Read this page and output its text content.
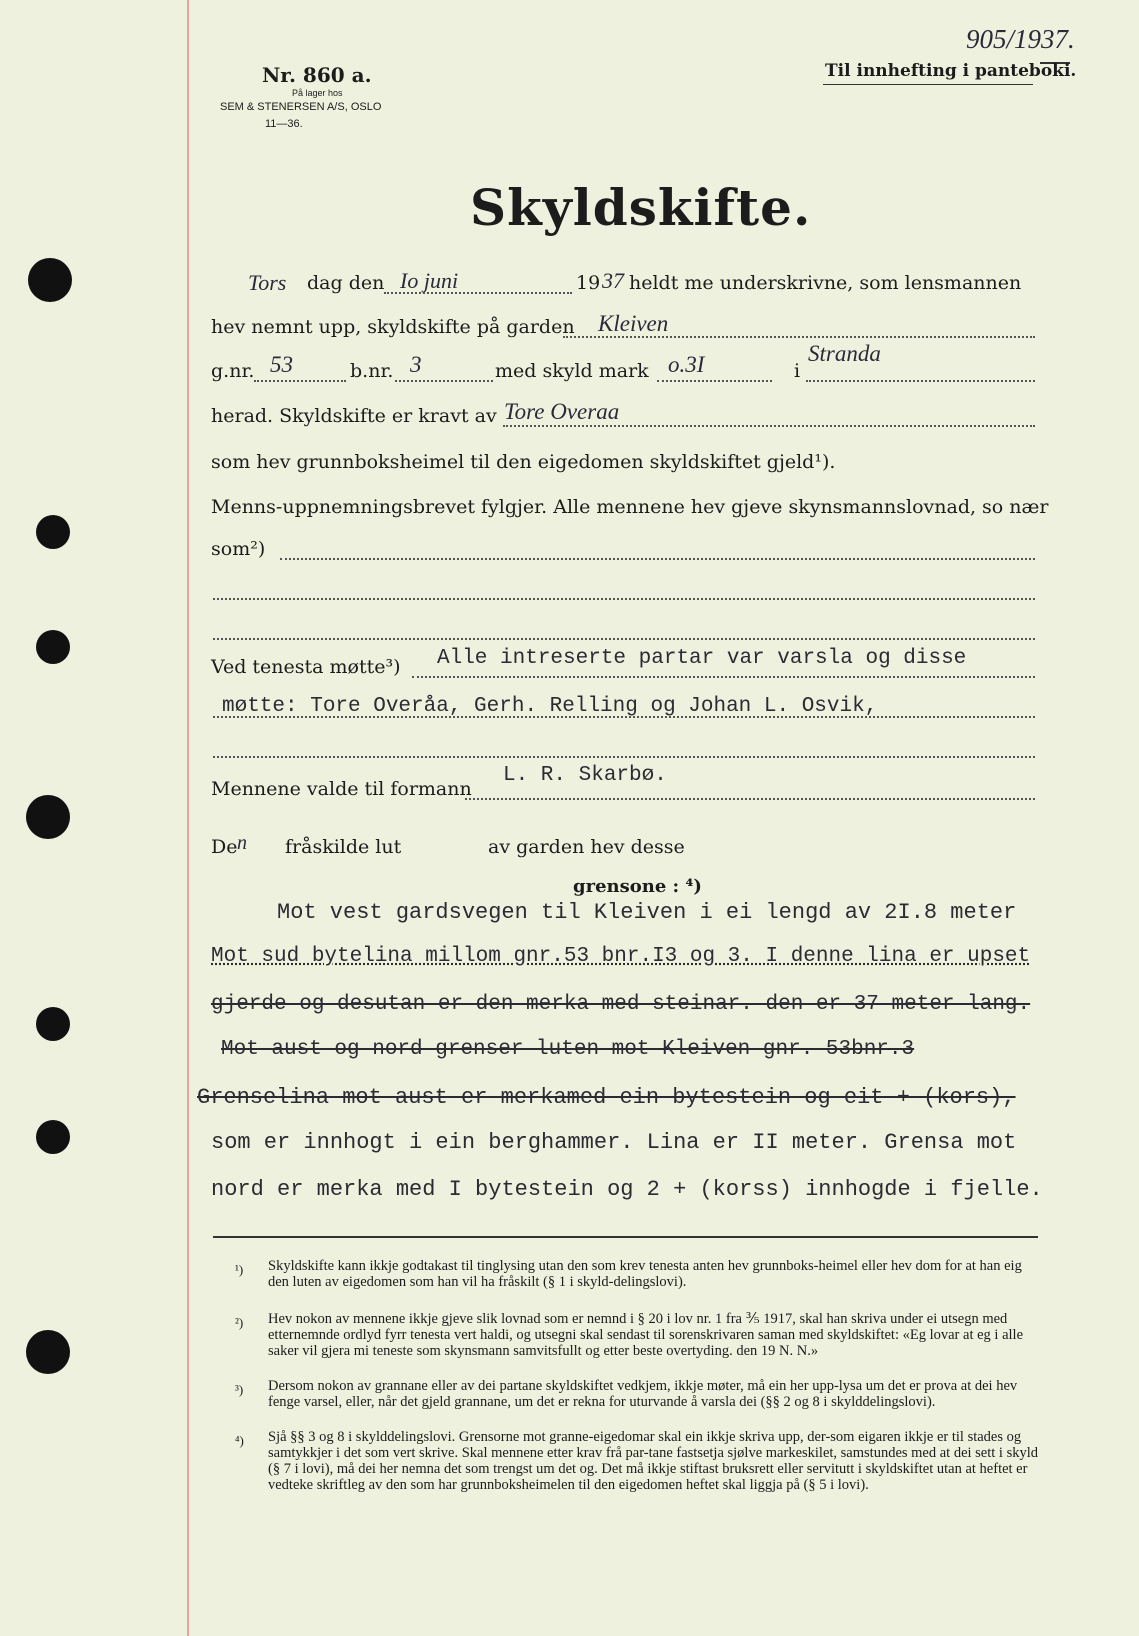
905/1937.
Nr. 860 a.
På lager hos
SEM & STENERSEN A/S, OSLO
11—36.
Til innhefting i panteboki.
Skyldskifte.
Tors dag den Io juni	19 37 heldt me underskrivne, som lensmannen
hev nemnt upp, skyldskifte på garden Kleiven
g.nr. 53	b.nr. 3	med skyld mark o.3I	i
Stranda
herad. Skyldskifte er kravt av Tore Overaa
som hev grunnboksheimel til den eigedomen skyldskiftet gjeld¹).
Menns-uppnemningsbrevet fylgjer. Alle mennene hev gjeve skynsmannslovnad, so nær
som²)
Ved tenesta møtte³) Alle intreserte partar var varsla og disse
møtte: Tore Overåa, Gerh. Relling og Johan L. Osvik,
Mennene valde til formann
L. R. Skarbø.
De n fråskilde lut	av garden hev desse
grensone : ⁴)
Mot vest gardsvegen til Kleiven i ei lengd av 2I.8 meter
Mot sud bytelina millom gnr.53 bnr.I3 og 3. I denne lina er upset
gjerde og desutan er den merka med steinar. den er 37 meter lang.
Mot aust og nord grenser luten mot Kleiven gnr. 53bnr.3
Grenselina mot aust er merkamed ein bytestein og eit + (kors),
som er innhogt i ein berghammer. Lina er II meter. Grensa mot
nord er merka med I bytestein og 2 + (korss) innhogde i fjelle.
¹) Skyldskifte kann ikkje godtakast til tinglysing utan den som krev tenesta anten hev grunnboks-heimel eller hev dom for at han eig den luten av eigedomen som han vil ha fråskilt (§ 1 i skyld-delingslovi).
²) Hev nokon av mennene ikkje gjeve slik lovnad som er nemnd i § 20 i lov nr. 1 fra ⅗ 1917, skal han skriva under ei utsegn med etternemnde ordlyd fyrr tenesta vert haldi, og utsegni skal sendast til sorenskrivaren saman med skyldskiftet: «Eg lovar at eg i alle saker vil gjera mi teneste som skynsmann samvitsfullt og etter beste overtyding. den 19 N. N.»
³) Dersom nokon av grannane eller av dei partane skyldskiftet vedkjem, ikkje møter, må ein her upp-lysa um det er prova at dei hev fenge varsel, eller, når det gjeld grannane, um det er rekna for uturvande å varsla dei (§§ 2 og 8 i skylddelingslovi).
⁴) Sjå §§ 3 og 8 i skylddelingslovi. Grensorne mot granne-eigedomar skal ein ikkje skriva upp, der-som eigaren ikkje er til stades og samtykkjer i det som vert skrive. Skal mennene etter krav frå par-tane fastsetja sjølve markeskilet, samstundes med at dei sett i skyld (§ 7 i lovi), må dei her nemna det som trengst um det og. Det må ikkje stiftast bruksrett eller servitutt i skyldskiftet utan at heftet er vedteke skriftleg av den som har grunnboksheimelen til den eigedomen heftet skal liggja på (§ 5 i lovi).
